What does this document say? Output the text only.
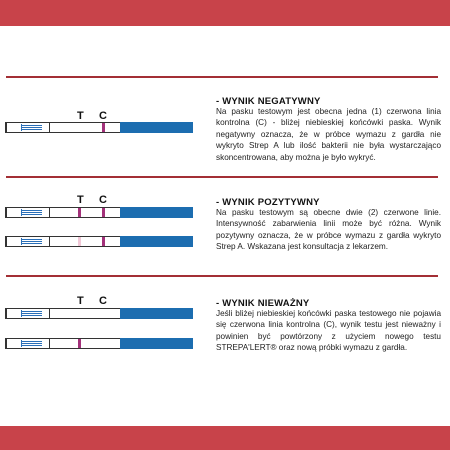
T C
- WYNIK NEGATYWNY
Na pasku testowym jest obecna jedna (1) czerwona linia kontrolna (C) - bliżej niebieskiej końcówki paska. Wynik negatywny oznacza, że w próbce wymazu z gardła nie wykryto Strep A lub ilość bakterii nie była wystarczająco skoncentrowana, aby można je było wykryć.
T C	- WYNIK POZYTYWNY
Na pasku testowym są obecne dwie (2) czerwone linie. Intensywność zabarwienia linii może być różna. Wynik pozytywny oznacza, że w próbce wymazu z gardła wykryto Strep A. Wskazana jest konsultacja z lekarzem.
T C	- WYNIK NIEWAŻNY
Jeśli bliżej niebieskiej końcówki paska testowego nie pojawia się czerwona linia kontrolna (C), wynik testu jest nieważny i powinien być powtórzony z użyciem nowego testu STREPA'LERT® oraz nową próbki wymazu z gardła.
